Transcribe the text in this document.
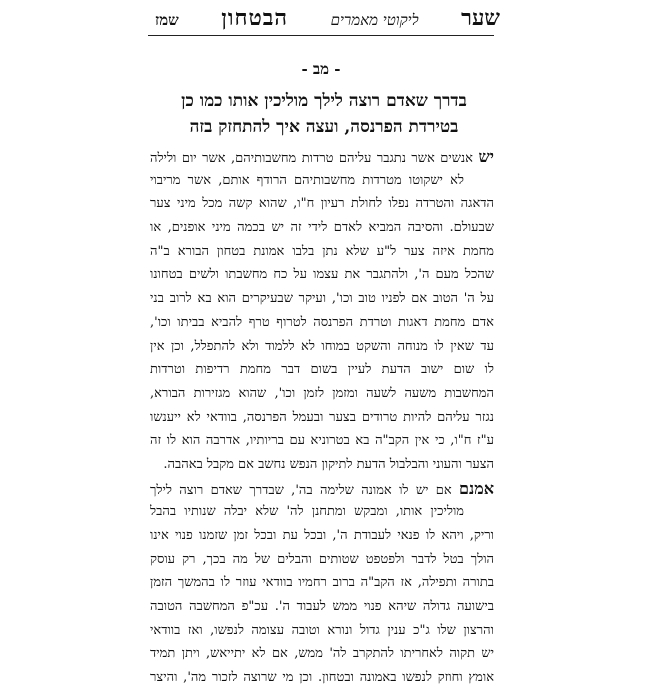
שער
ליקוטי מאמרים
הבטחון
שמז
- מב -
בדרך שאדם רוצה לילך מוליכין אותו כמו כן
בטירדת הפרנסה, ועצה איך להתחזק בזה
יש אנשים אשר נתגבר עליהם טרדות מחשבותיהם, אשר יום ולילה
לא ישקוטו מטרדות מחשבותיהם הרודף אותם, אשר מריבוי
הדאגה והטרדה נפלו לחולת רעיון ח"ו, שהוא קשה מכל מיני צער
שבעולם. והסיבה המביא לאדם לידי זה יש בכמה מיני אופנים, או
מחמת איזה צער ל"ע שלא נתן בלבו אמונת בטחון הבורא ב"ה
שהכל מעם ה', ולהתגבר את עצמו על כח מחשבתו ולשים בטחונו
על ה' הטוב אם לפניו טוב וכו', ועיקר שבעיקרים הוא בא לרוב בני
אדם מחמת דאגות וטרדת הפרנסה לטרוף טרף להביא בביתו וכו',
עד שאין לו מנוחה והשקט במוחו לא ללמוד ולא להתפלל, וכן אין
לו שום ישוב הדעת לעיין בשום דבר מחמת רדיפות וטרדות
המחשבות משעה לשעה ומזמן לזמן וכו', שהוא מגזירות הבורא,
נגזר עליהם להיות טרודים בצער ובעמל הפרנסה, בוודאי לא ייענשו
ע"ז ח"ו, כי אין הקב"ה בא בטרוניא עם בריותיו, אדרבה הוא לו זה
הצער והעוני והבלבול הדעת לתיקון הנפש נחשב אם מקבל באהבה.
אמנם אם יש לו אמונה שלימה בה', שבדרך שאדם רוצה לילך
מוליכין אותו, ומבקש ומתחנן לה' שלא יבלה שנותיו בהבל
וריק, ויהא לו פנאי לעבודת ה', ובכל עת ובכל זמן שזמנו פנוי אינו
הולך בטל לדבר ולפטפט שטותים והבלים של מה בכך, רק עוסק
בתורה ותפילה, אז הקב"ה ברוב רחמיו בוודאי עוזר לו בהמשך הזמן
בישועה גדולה שיהא פנוי ממש לעבוד ה'. עכ"פ המחשבה הטובה
והרצון שלו ג"כ ענין גדול ונורא וטובה עצומה לנפשו, ואז בוודאי
יש תקוה לאחריתו להתקרב לה' ממש, אם לא יתייאש, ויתן תמיד
אומץ וחוזק לנפשו באמונה ובטחון. וכן מי שרוצה לזכור מה', והיצר
